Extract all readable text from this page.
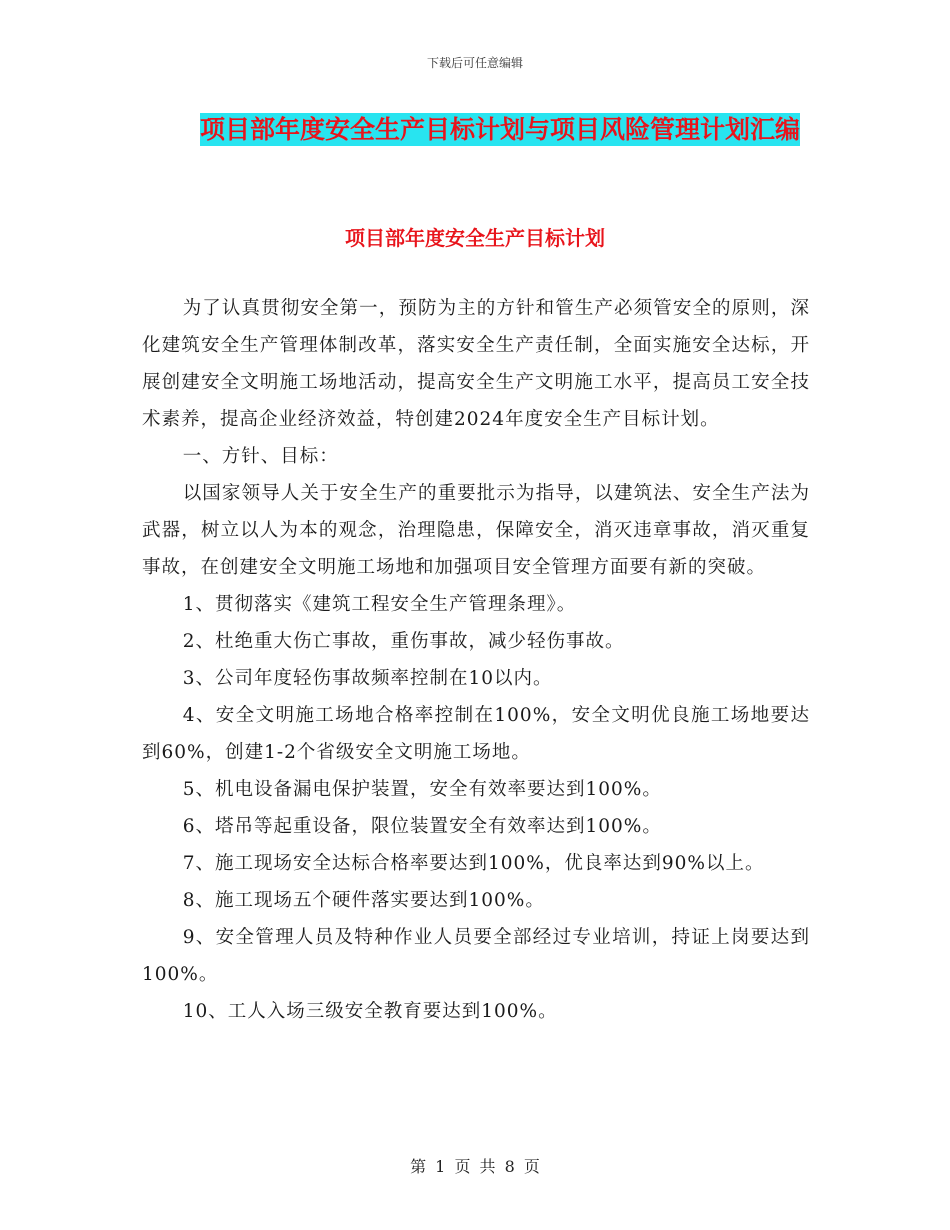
下载后可任意编辑
项目部年度安全生产目标计划与项目风险管理计划汇编
项目部年度安全生产目标计划

为了认真贯彻安全第一，预防为主的方针和管生产必须管安全的原则，深化建筑安全生产管理体制改革，落实安全生产责任制，全面实施安全达标，开展创建安全文明施工场地活动，提高安全生产文明施工水平，提高员工安全技术素养，提高企业经济效益，特创建2024年度安全生产目标计划。

一、方针、目标：

以国家领导人关于安全生产的重要批示为指导，以建筑法、安全生产法为武器，树立以人为本的观念，治理隐患，保障安全，消灭违章事故，消灭重复事故，在创建安全文明施工场地和加强项目安全管理方面要有新的突破。

1、贯彻落实《建筑工程安全生产管理条理》。

2、杜绝重大伤亡事故，重伤事故，减少轻伤事故。

3、公司年度轻伤事故频率控制在10以内。

4、安全文明施工场地合格率控制在100%，安全文明优良施工场地要达到60%，创建1-2个省级安全文明施工场地。

5、机电设备漏电保护装置，安全有效率要达到100%。

6、塔吊等起重设备，限位装置安全有效率达到100%。

7、施工现场安全达标合格率要达到100%，优良率达到90%以上。

8、施工现场五个硬件落实要达到100%。

9、安全管理人员及特种作业人员要全部经过专业培训，持证上岗要达到100%。

10、工人入场三级安全教育要达到100%。

第 1 页 共 8 页
